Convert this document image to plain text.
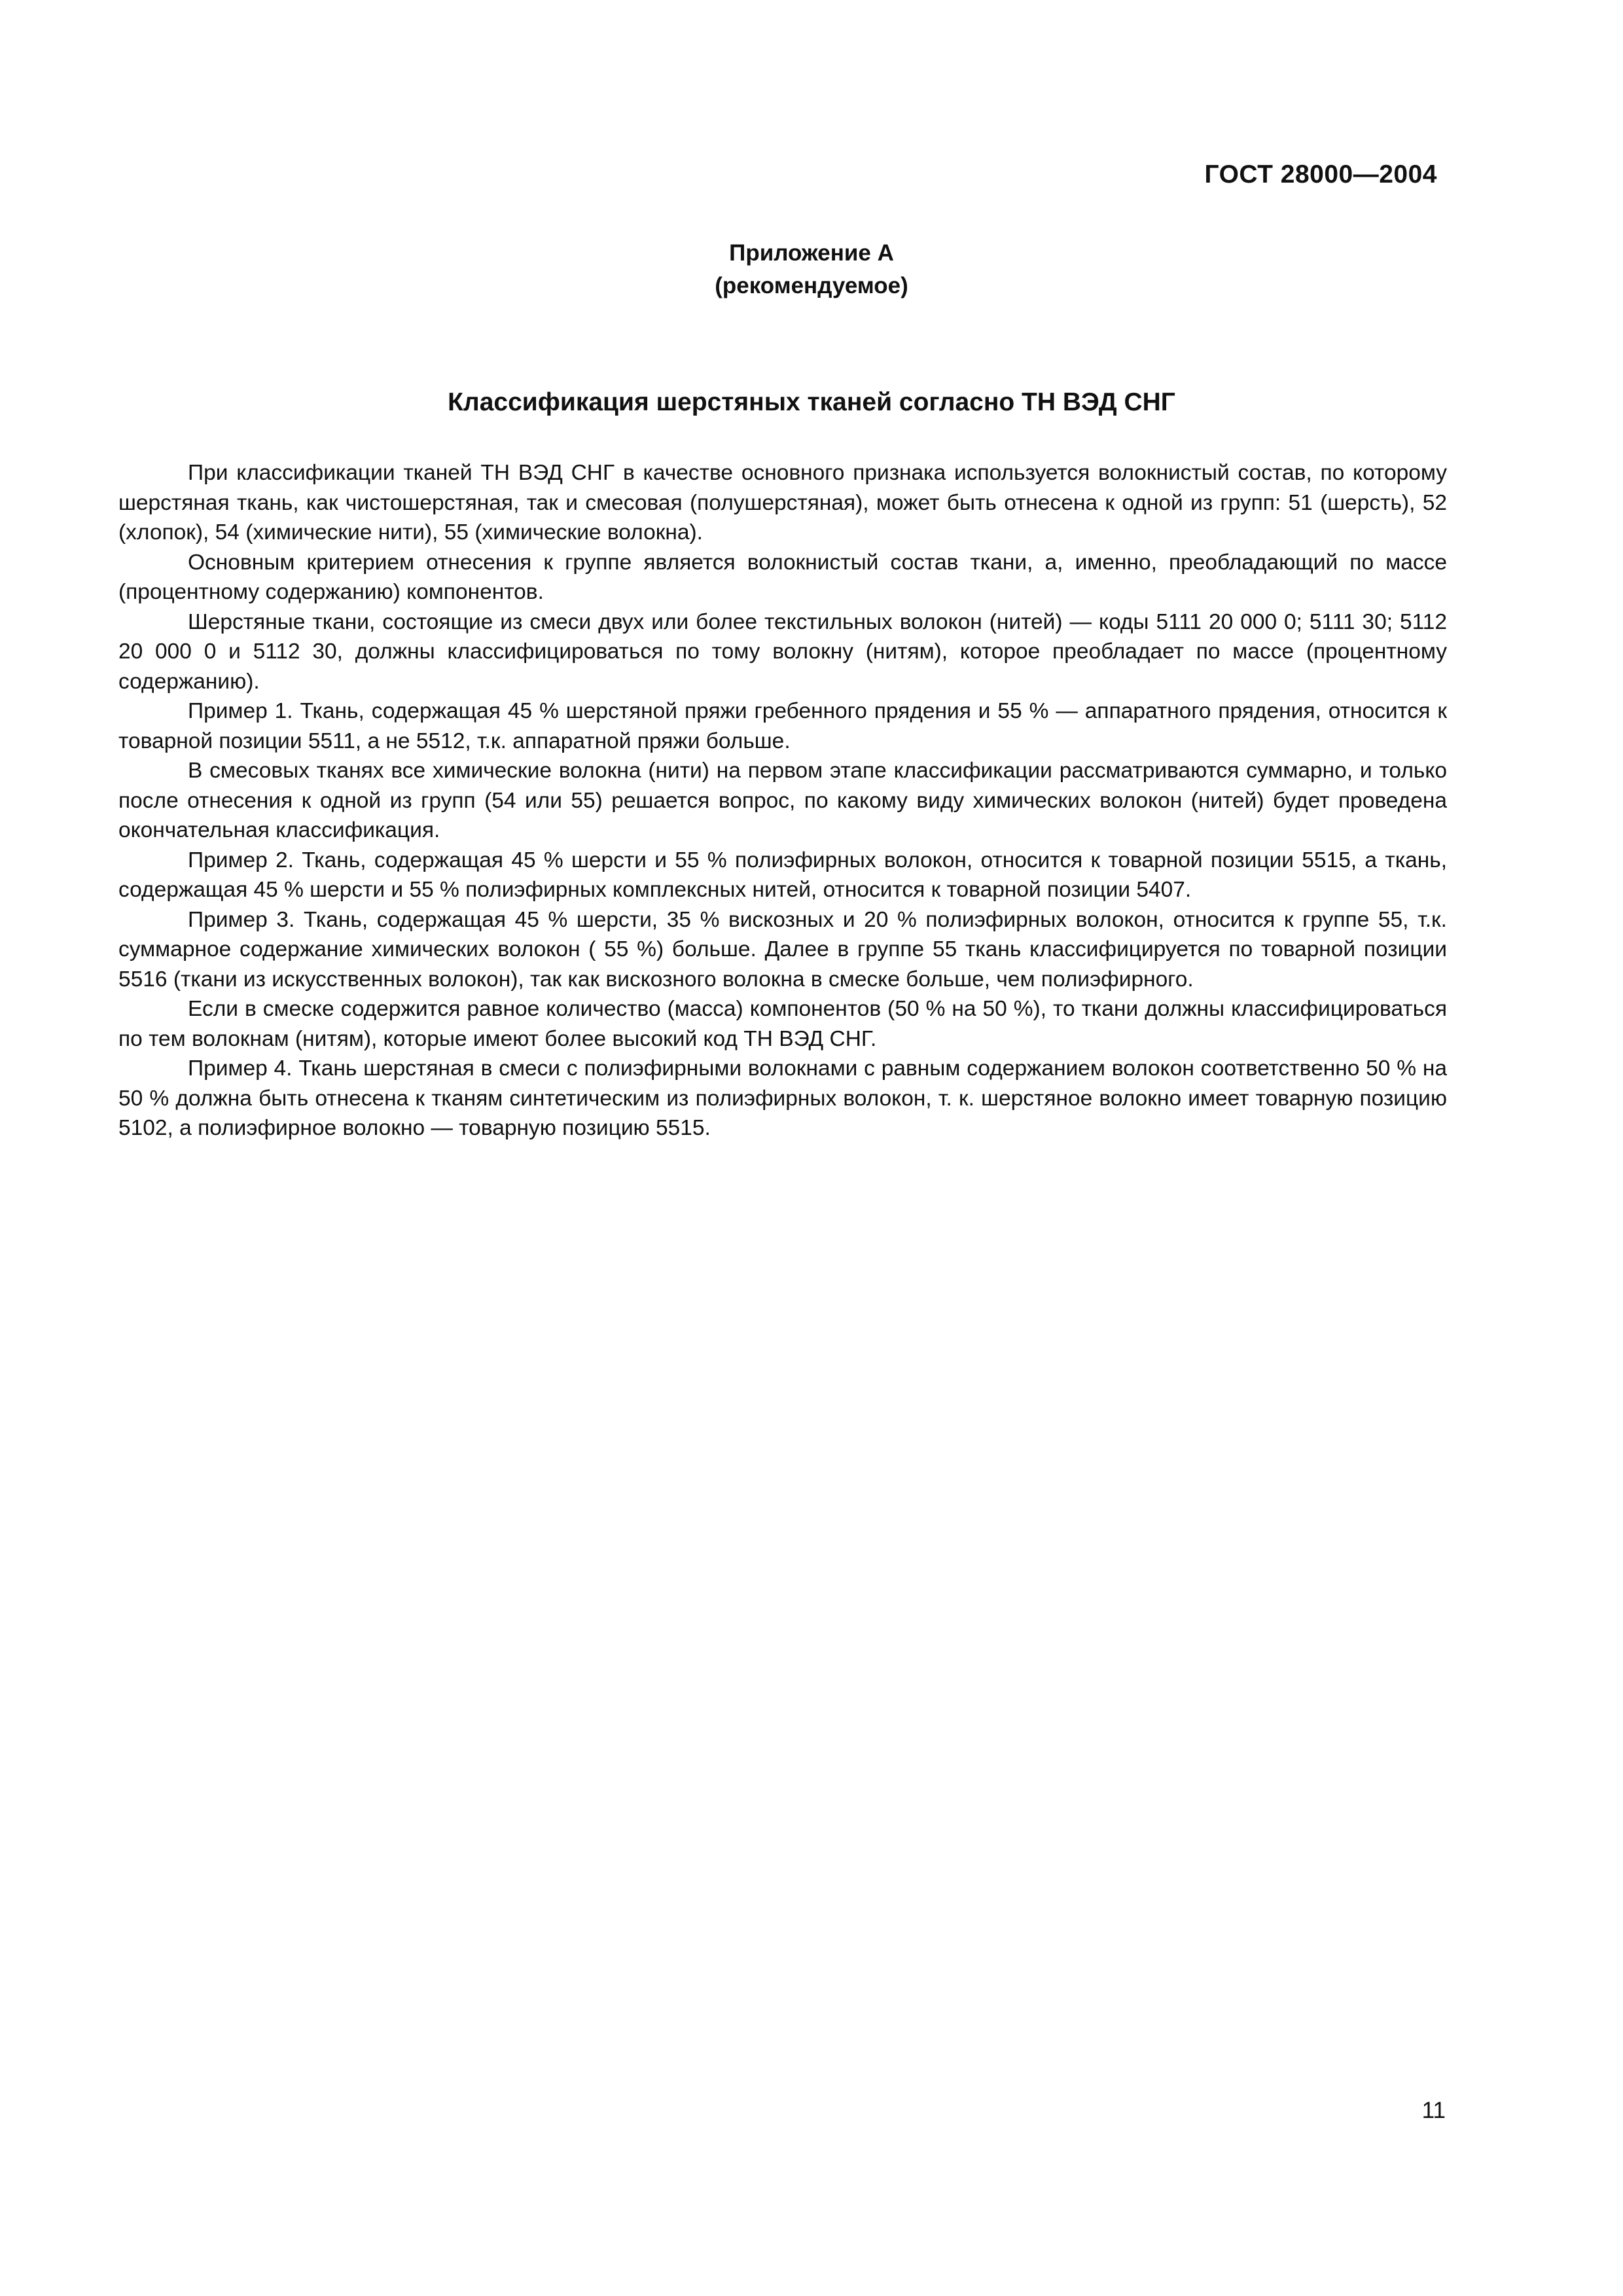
ГОСТ 28000—2004
Приложение А
(рекомендуемое)
Классификация шерстяных тканей согласно ТН ВЭД СНГ

При классификации тканей ТН ВЭД СНГ в качестве основного признака используется волокнистый состав, по которому шерстяная ткань, как чистошерстяная, так и смесовая (полушерстяная), может быть отнесена к одной из групп: 51 (шерсть), 52 (хлопок), 54 (химические нити), 55 (химические волокна).

Основным критерием отнесения к группе является волокнистый состав ткани, а, именно, преобладающий по массе (процентному содержанию) компонентов.

Шерстяные ткани, состоящие из смеси двух или более текстильных волокон (нитей) — коды 5111 20 000 0; 5111 30; 5112 20 000 0 и 5112 30, должны классифицироваться по тому волокну (нитям), которое преобладает по массе (процентному содержанию).

Пример 1. Ткань, содержащая 45 % шерстяной пряжи гребенного прядения и 55 % — аппаратного прядения, относится к товарной позиции 5511, а не 5512, т.к. аппаратной пряжи больше.

В смесовых тканях все химические волокна (нити) на первом этапе классификации рассматриваются суммарно, и только после отнесения к одной из групп (54 или 55) решается вопрос, по какому виду химических волокон (нитей) будет проведена окончательная классификация.

Пример 2. Ткань, содержащая 45 % шерсти и 55 % полиэфирных волокон, относится к товарной позиции 5515, а ткань, содержащая 45 % шерсти и 55 % полиэфирных комплексных нитей, относится к товарной позиции 5407.

Пример 3. Ткань, содержащая 45 % шерсти, 35 % вискозных и 20 % полиэфирных волокон, относится к группе 55, т.к. суммарное содержание химических волокон ( 55 %) больше. Далее в группе 55 ткань классифицируется по товарной позиции 5516 (ткани из искусственных волокон), так как вискозного волокна в смеске больше, чем полиэфирного.

Если в смеске содержится равное количество (масса) компонентов (50 % на 50 %), то ткани должны классифицироваться по тем волокнам (нитям), которые имеют более высокий код ТН ВЭД СНГ.

Пример 4. Ткань шерстяная в смеси с полиэфирными волокнами с равным содержанием волокон соответственно 50 % на 50 % должна быть отнесена к тканям синтетическим из полиэфирных волокон, т. к. шерстяное волокно имеет товарную позицию 5102, а полиэфирное волокно — товарную позицию 5515.

11
